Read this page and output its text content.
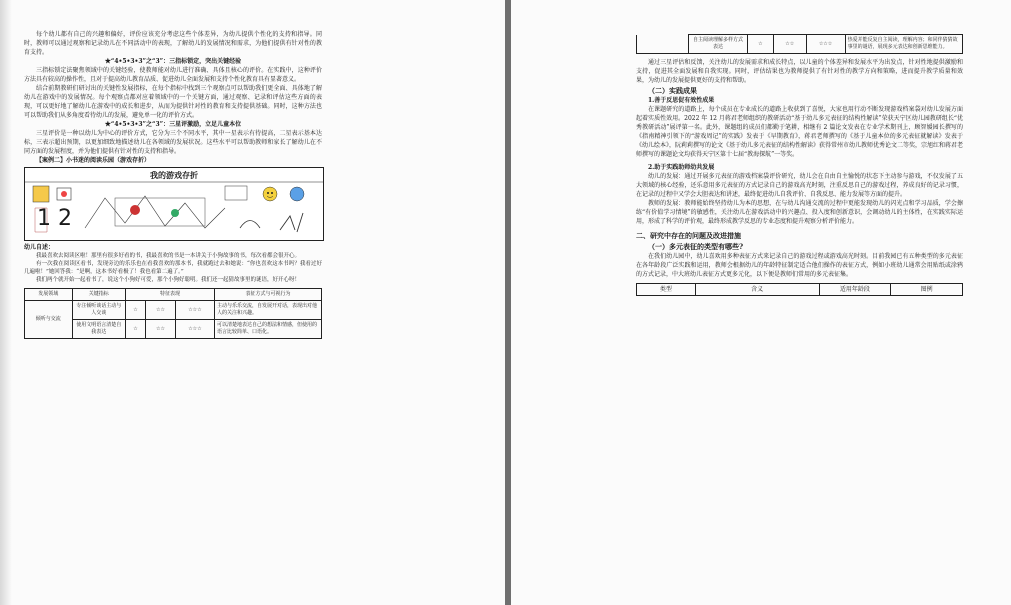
每个幼儿都有自己的兴趣和偏好，评价应该充分考虑这些个体差异，为幼儿提供个性化的支持和指导。同时，教师可以通过观察和记录幼儿在不同活动中的表现，了解幼儿的发展情况和需求，为他们提供有针对性的教育支持。

★“4•5•3•3”之“3”：三指标锁定，突出关键经验

三指标锁定法聚焦领域中的关键经验，使教师能对幼儿进行准确、具体且核心的评价。在实践中，这种评价方法具有较高的操作性，且对于提高幼儿教育品质、促进幼儿全面发展和支持个性化教育具有显著意义。

结合前期教研们研讨出的关键性发展指标，在每个指标中找到三个观察点可以帮助我们更全面、具体地了解幼儿在游戏中的发展情况。每个观察点都对应着领域中的一个关键方面，通过观察、记录和评估这些方面的表现，可以更好地了解幼儿在游戏中的成长和进步，从而为提供针对性的教育和支持提供基础。同时，这种方法也可以帮助我们从多角度看待幼儿的发展，避免单一化的评价方式。

★“4•5•3•3”之“3”：三星评激励，立足儿童本位

三星评价是一种以幼儿为中心的评价方式，它分为三个不同水平，其中一星表示有待提高，二星表示基本达标，三表示超出预期，以更加细致地描述幼儿在各领域的发展状况。这些水平可以帮助教师和家长了解幼儿在不同方面的发展程度，并为他们提供有针对性的支持和指导。

【案例二】小书迷的阅读乐园（游戏存折）

我的游戏存折
1 2

幼儿自述：

我最喜欢去阅读区啦！那里有很多好看的书，我最喜欢的书是一本讲关于小狗故事的书，每次看都会很开心。

有一次我在阅读区看书，发现旁边的乐乐也在看我喜欢的那本书，我就跑过去和她说：“你也喜欢这本书吗？我看过好几遍啦！”她回答我：“是啊，这本书好看极了！我也看第二遍了。”

我们两个就开始一起看书了，说这个小狗好可爱，那个小狗好聪明。我们还一起猜故事里的谜语，好开心呀！

发展领域	关键指标	特征表现			表征方式与可视行为
倾听与交流	专注倾听谈话主动与人交谈	☆	☆☆	☆☆☆	主动与乐乐交流，自发展开对话，表现出对他人的关注和兴趣。
	使用文明语言清楚自我表达	☆	☆☆	☆☆☆	可以清楚地表达自己的想法和情感，但使用的语言比较简单、口语化。
	自主阅读理解多样方式表达	☆	☆☆	☆☆☆	热爱并能反复自主阅读，理解内容；和同伴猜猜故事里的谜语，展现多元表达和创新思维能力。

通过三星评估和反馈，关注幼儿的发展需求和成长特点，以儿童的个体差异和发展水平为出发点，针对性地提供激励和支持，促进其全面发展和自我实现。同时，评估结果也为教师提供了有针对性的教学方向和策略，进而提升教学质量和效果，为幼儿的发展提供更好的支持和帮助。

（二）实践成果

1.善于反思促有效性成果

在课题研究的道路上，每个成员在专业成长的道路上收获到了喜悦，大家也用行动不断发现游戏档案袋对幼儿发展方面起着实质性效用。2022 年 12 月蒋君老师组织的教研活动“基于幼儿多元表征的结构性解读”荣获天宁区幼儿园教研组长“优秀教研活动”展评第一名。此外，课题组的成员们都勤于笔耕，相继有 2 篇论文发表在专业学术期刊上，顾智媛园长撰写的《指南精神引领下的“游戏周记”的实践》发表于《早期教育》，蒋君老师撰写的《基于儿童本位的多元表征就解读》发表于《幼儿绘本》，阮莉莉撰写的论文《基于幼儿多元表征的结构性解读》获得常州市幼儿教师优秀论文二等奖，宗旭红和蒋君老师撰写的课题论文均获得天宁区第十七届“教海探航”一等奖。

2.助于实践助师幼共发展

幼儿的发展：通过开展多元表征的游戏档案袋评价研究，幼儿会在自由自主愉悦的状态下主动参与游戏，不仅发展了五大领域的核心经验，还乐意用多元表征的方式记录自己的游戏高光时刻，注重反思自己的游戏过程，养成良好的记录习惯，在记录的过程中又学会大胆表达和讲述，最终促进幼儿自我评价、自我反思、能力发展等方面的提升。

教师的发展：教师能始终坚持幼儿为本的思想，在与幼儿沟通交流的过程中更能发现幼儿的闪光点和学习品质，学会擦练“有价值学习情境”的敏感性，关注幼儿在游戏活动中的兴趣点、投入度和创新意识，会调动幼儿的主体性，在实践实际运用，形成了科学的评价观，最终形成教学反思的专业态度和提升观察分析评价能力。

二、研究中存在的问题及改进措施

（一）多元表征的类型有哪些?

在我们幼儿园中，幼儿喜欢用多种表征方式来记录自己的游戏过程或游戏高光时刻。目前我园已有五种类型的多元表征在各年龄段广泛实践和运用，教师会根据幼儿的年龄特征制定适合他们操作的表征方式，例如小班幼儿通常会用贴纸或涂鸦的方式记录，中大班幼儿表征方式更多元化，以下便是教师们常用的多元表征集。

类型	含义	适用年龄段	图例
